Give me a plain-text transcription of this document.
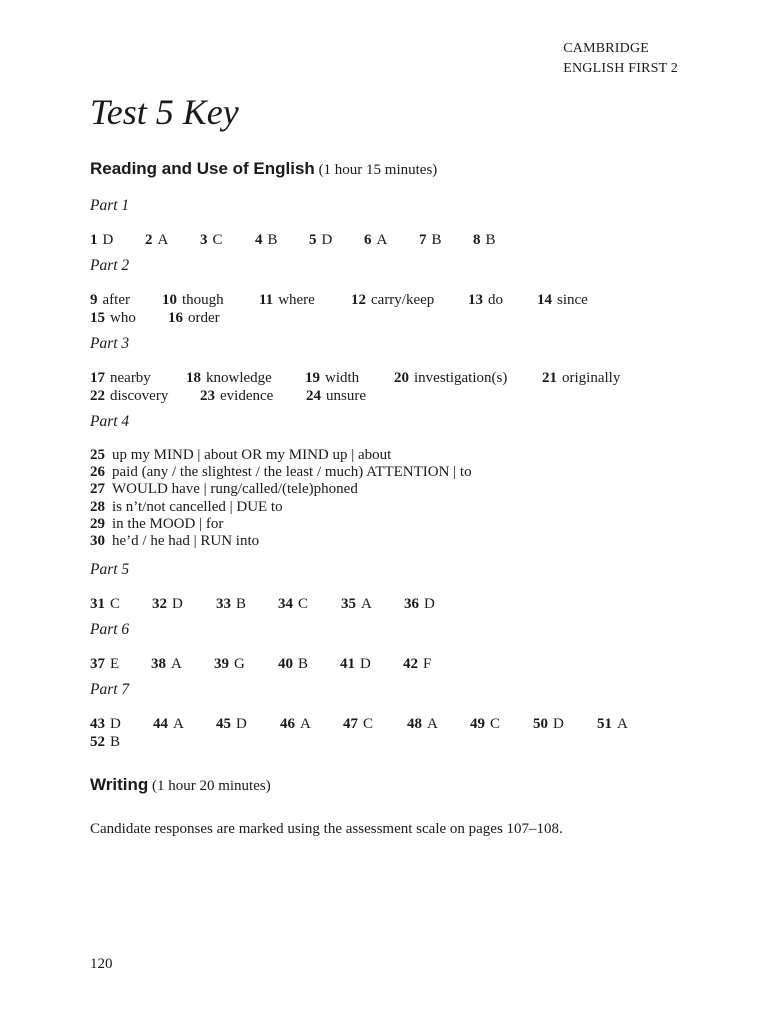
CAMBRIDGE
ENGLISH FIRST 2
Test 5 Key
Reading and Use of English (1 hour 15 minutes)
Part 1
1 D 2 A 3 C 4 B 5 D 6 A 7 B 8 B
Part 2
9 after 10 though 11 where 12 carry/keep 13 do 14 since
15 who 16 order
Part 3
17 nearby 18 knowledge 19 width 20 investigation(s) 21 originally
22 discovery 23 evidence 24 unsure
Part 4
25 up my MIND | about OR my MIND up | about
26 paid (any / the slightest / the least / much) ATTENTION | to
27 WOULD have | rung/called/(tele)phoned
28 is n’t/not cancelled | DUE to
29 in the MOOD | for
30 he’d / he had | RUN into
Part 5
31 C 32 D 33 B 34 C 35 A 36 D
Part 6
37 E 38 A 39 G 40 B 41 D 42 F
Part 7
43 D 44 A 45 D 46 A 47 C 48 A 49 C 50 D 51 A
52 B
Writing (1 hour 20 minutes)
Candidate responses are marked using the assessment scale on pages 107–108.
120
